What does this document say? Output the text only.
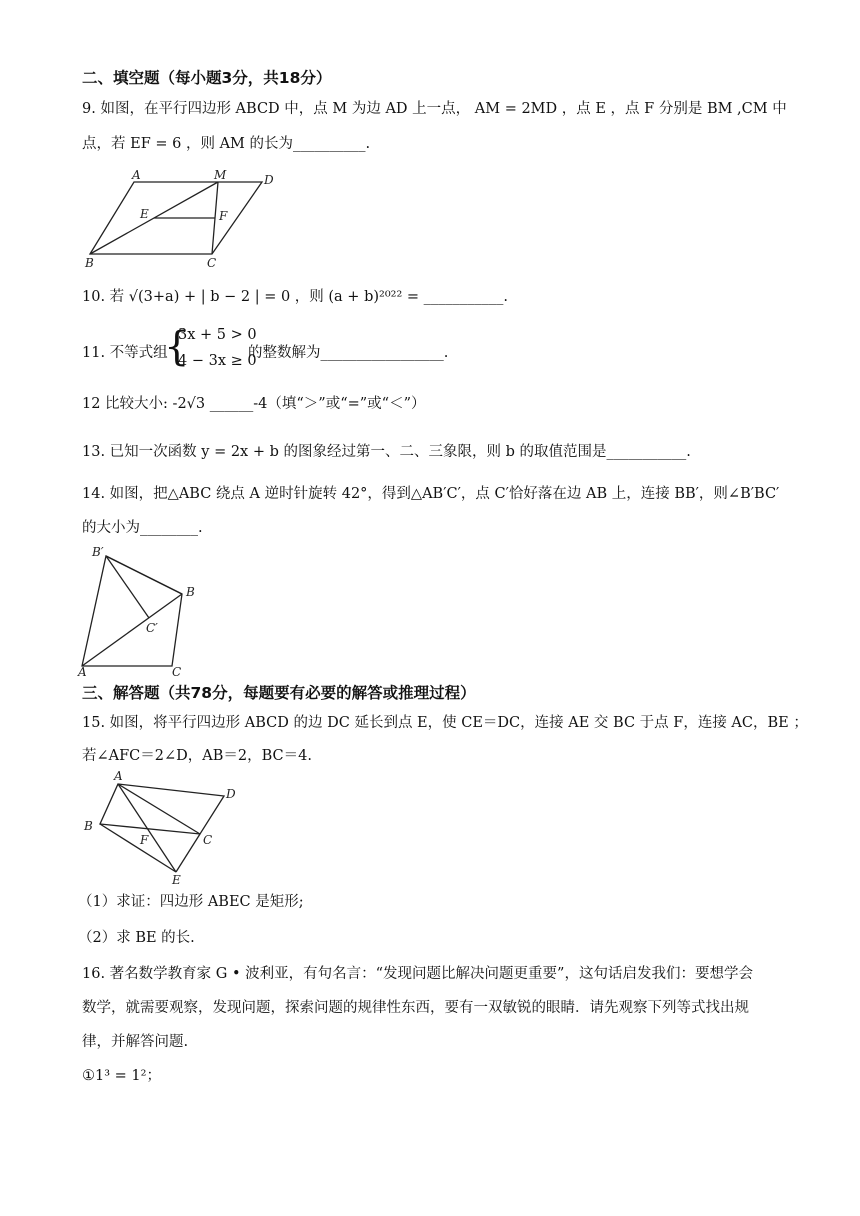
二、填空题（每小题3分，共18分）
9. 如图，在平行四边形 ABCD 中，点 M 为边 AD 上一点， AM = 2MD ，点 E ，点 F 分别是 BM ,CM 中
点，若 EF = 6 ，则 AM 的长为__________.
A	M	D
E	F
B	C
10. 若 √(3+a) + | b − 2 | = 0 ，则 (a + b)²⁰²² = ___________.
11. 不等式组
{
3x + 5 > 0
4 − 3x ≥ 0
的整数解为_________________.
12 比较大小: -2√3 ______-4（填“＞”或“=”或“＜”）
13. 已知一次函数 y = 2x + b 的图象经过第一、二、三象限，则 b 的取值范围是___________.
14. 如图，把△ABC 绕点 A 逆时针旋转 42°，得到△AB′C′，点 C′恰好落在边 AB 上，连接 BB′，则∠B′BC′
的大小为________.
B′
B
C′
A	C
三、解答题（共78分，每题要有必要的解答或推理过程）
15. 如图，将平行四边形 ABCD 的边 DC 延长到点 E，使 CE＝DC，连接 AE 交 BC 于点 F，连接 AC，BE ；
若∠AFC＝2∠D，AB＝2，BC＝4.
A
D
B
F	C
E
（1）求证：四边形 ABEC 是矩形;
（2）求 BE 的长.
16. 著名数学教育家 G • 波利亚，有句名言：“发现问题比解决问题更重要”，这句话启发我们：要想学会
数学，就需要观察，发现问题，探索问题的规律性东西，要有一双敏锐的眼睛．请先观察下列等式找出规
律，并解答问题.
①1³ = 1²；
